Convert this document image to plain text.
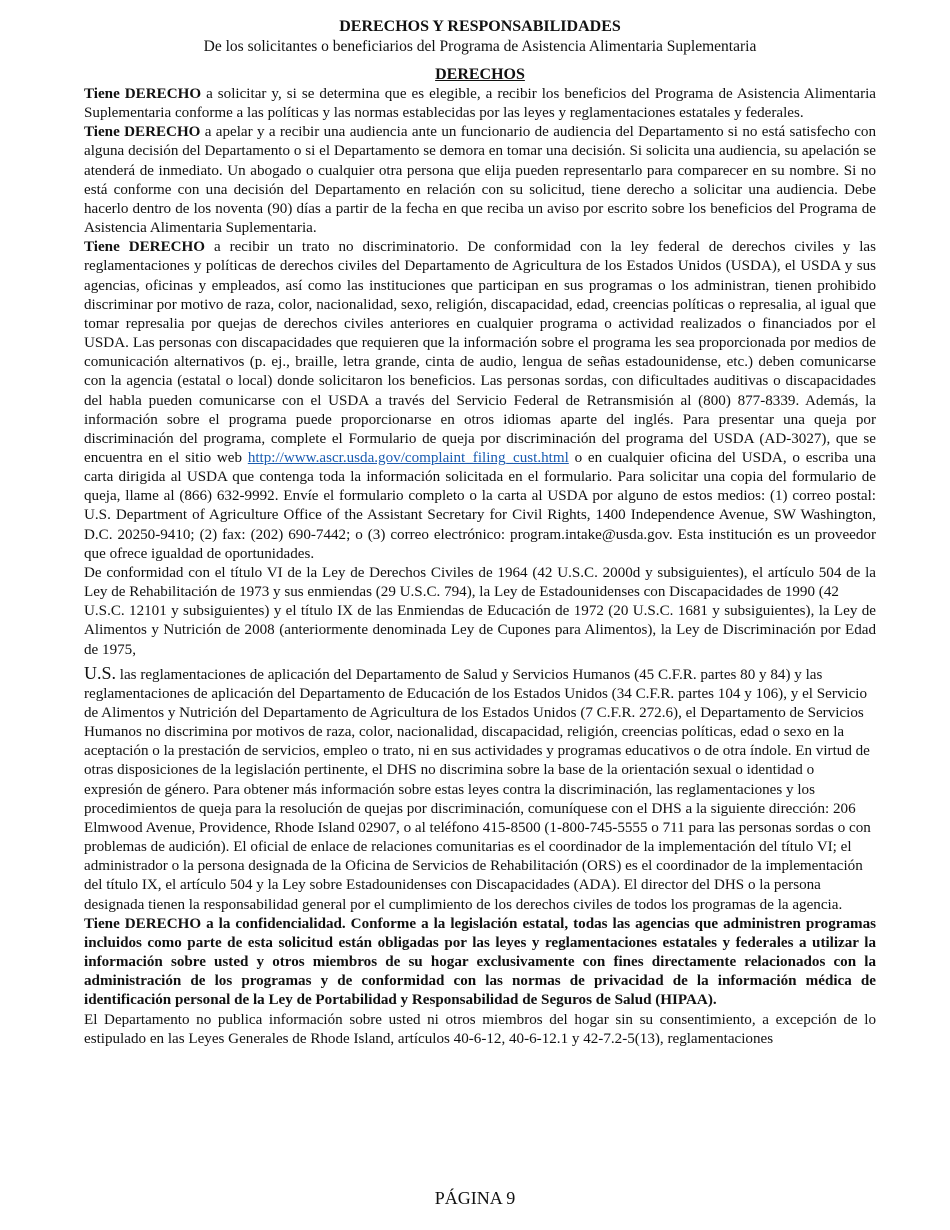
DERECHOS Y RESPONSABILIDADES
De los solicitantes o beneficiarios del Programa de Asistencia Alimentaria Suplementaria
DERECHOS

Tiene DERECHO a solicitar y, si se determina que es elegible, a recibir los beneficios del Programa de Asistencia Alimentaria Suplementaria conforme a las políticas y las normas establecidas por las leyes y reglamentaciones estatales y federales.

Tiene DERECHO a apelar y a recibir una audiencia ante un funcionario de audiencia del Departamento si no está satisfecho con alguna decisión del Departamento o si el Departamento se demora en tomar una decisión. Si solicita una audiencia, su apelación se atenderá de inmediato. Un abogado o cualquier otra persona que elija pueden representarlo para comparecer en su nombre. Si no está conforme con una decisión del Departamento en relación con su solicitud, tiene derecho a solicitar una audiencia. Debe hacerlo dentro de los noventa (90) días a partir de la fecha en que reciba un aviso por escrito sobre los beneficios del Programa de Asistencia Alimentaria Suplementaria.

Tiene DERECHO a recibir un trato no discriminatorio. De conformidad con la ley federal de derechos civiles y las reglamentaciones y políticas de derechos civiles del Departamento de Agricultura de los Estados Unidos (USDA), el USDA y sus agencias, oficinas y empleados, así como las instituciones que participan en sus programas o los administran, tienen prohibido discriminar por motivo de raza, color, nacionalidad, sexo, religión, discapacidad, edad, creencias políticas o represalia, al igual que tomar represalia por quejas de derechos civiles anteriores en cualquier programa o actividad realizados o financiados por el USDA. Las personas con discapacidades que requieren que la información sobre el programa les sea proporcionada por medios de comunicación alternativos (p. ej., braille, letra grande, cinta de audio, lengua de señas estadounidense, etc.) deben comunicarse con la agencia (estatal o local) donde solicitaron los beneficios. Las personas sordas, con dificultades auditivas o discapacidades del habla pueden comunicarse con el USDA a través del Servicio Federal de Retransmisión al (800) 877-8339. Además, la información sobre el programa puede proporcionarse en otros idiomas aparte del inglés. Para presentar una queja por discriminación del programa, complete el Formulario de queja por discriminación del programa del USDA (AD-3027), que se encuentra en el sitio web http://www.ascr.usda.gov/complaint_filing_cust.html o en cualquier oficina del USDA, o escriba una carta dirigida al USDA que contenga toda la información solicitada en el formulario. Para solicitar una copia del formulario de queja, llame al (866) 632-9992. Envíe el formulario completo o la carta al USDA por alguno de estos medios: (1) correo postal: U.S. Department of Agriculture Office of the Assistant Secretary for Civil Rights, 1400 Independence Avenue, SW Washington, D.C. 20250-9410; (2) fax: (202) 690-7442; o (3) correo electrónico: program.intake@usda.gov. Esta institución es un proveedor que ofrece igualdad de oportunidades.

De conformidad con el título VI de la Ley de Derechos Civiles de 1964 (42 U.S.C. 2000d y subsiguientes), el artículo 504 de la Ley de Rehabilitación de 1973 y sus enmiendas (29 U.S.C. 794), la Ley de Estadounidenses con Discapacidades de 1990 (42

U.S.C. 12101 y subsiguientes) y el título IX de las Enmiendas de Educación de 1972 (20 U.S.C. 1681 y subsiguientes), la Ley de Alimentos y Nutrición de 2008 (anteriormente denominada Ley de Cupones para Alimentos), la Ley de Discriminación por Edad de 1975,

U.S. las reglamentaciones de aplicación del Departamento de Salud y Servicios Humanos (45 C.F.R. partes 80 y 84) y las reglamentaciones de aplicación del Departamento de Educación de los Estados Unidos (34 C.F.R. partes 104 y 106), y el Servicio de Alimentos y Nutrición del Departamento de Agricultura de los Estados Unidos (7 C.F.R. 272.6), el Departamento de Servicios Humanos no discrimina por motivos de raza, color, nacionalidad, discapacidad, religión, creencias políticas, edad o sexo en la aceptación o la prestación de servicios, empleo o trato, ni en sus actividades y programas educativos o de otra índole. En virtud de otras disposiciones de la legislación pertinente, el DHS no discrimina sobre la base de la orientación sexual o identidad o expresión de género. Para obtener más información sobre estas leyes contra la discriminación, las reglamentaciones y los procedimientos de queja para la resolución de quejas por discriminación, comuníquese con el DHS a la siguiente dirección: 206 Elmwood Avenue, Providence, Rhode Island 02907, o al teléfono 415-8500 (1-800-745-5555 o 711 para las personas sordas o con problemas de audición). El oficial de enlace de relaciones comunitarias es el coordinador de la implementación del título VI; el administrador o la persona designada de la Oficina de Servicios de Rehabilitación (ORS) es el coordinador de la implementación del título IX, el artículo 504 y la Ley sobre Estadounidenses con Discapacidades (ADA). El director del DHS o la persona designada tienen la responsabilidad general por el cumplimiento de los derechos civiles de todos los programas de la agencia.

Tiene DERECHO a la confidencialidad. Conforme a la legislación estatal, todas las agencias que administren programas incluidos como parte de esta solicitud están obligadas por las leyes y reglamentaciones estatales y federales a utilizar la información sobre usted y otros miembros de su hogar exclusivamente con fines directamente relacionados con la administración de los programas y de conformidad con las normas de privacidad de la información médica de identificación personal de la Ley de Portabilidad y Responsabilidad de Seguros de Salud (HIPAA).

El Departamento no publica información sobre usted ni otros miembros del hogar sin su consentimiento, a excepción de lo estipulado en las Leyes Generales de Rhode Island, artículos 40-6-12, 40-6-12.1 y 42-7.2-5(13), reglamentaciones

PÁGINA 9
